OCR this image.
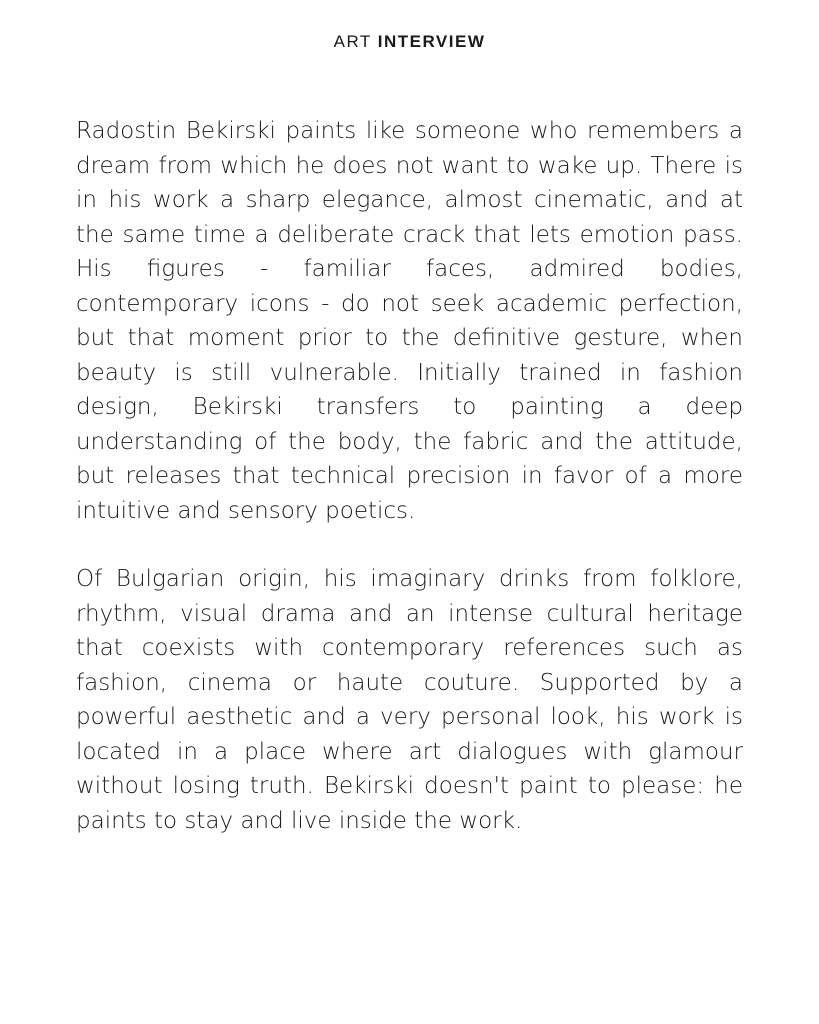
ART INTERVIEW

Radostin Bekirski paints like someone who remembers a dream from which he does not want to wake up. There is in his work a sharp elegance, almost cinematic, and at the same time a deliberate crack that lets emotion pass. His figures - familiar faces, admired bodies, contemporary icons - do not seek academic perfection, but that moment prior to the definitive gesture, when beauty is still vulnerable. Initially trained in fashion design, Bekirski transfers to painting a deep understanding of the body, the fabric and the attitude, but releases that technical precision in favor of a more intuitive and sensory poetics.

Of Bulgarian origin, his imaginary drinks from folklore, rhythm, visual drama and an intense cultural heritage that coexists with contemporary references such as fashion, cinema or haute couture. Supported by a powerful aesthetic and a very personal look, his work is located in a place where art dialogues with glamour without losing truth. Bekirski doesn't paint to please: he paints to stay and live inside the work.
